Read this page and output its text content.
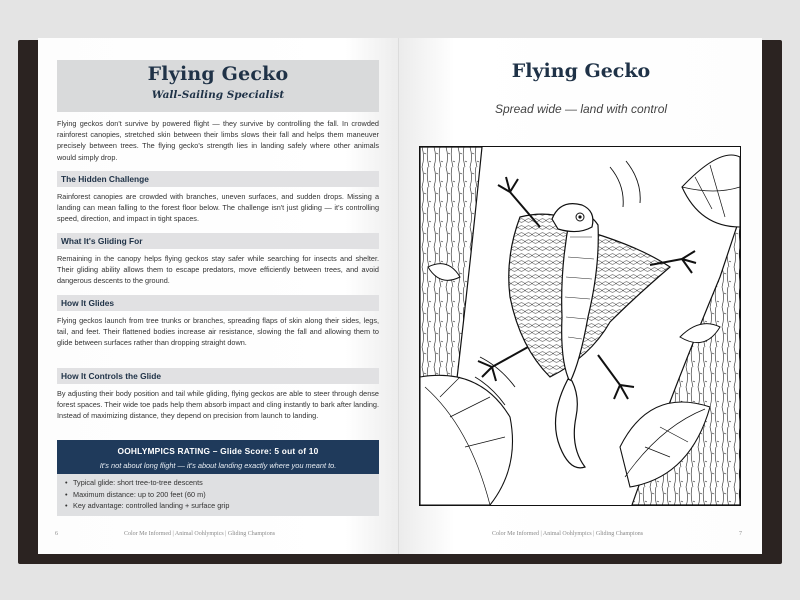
Flying Gecko
Wall-Sailing Specialist

Flying geckos don't survive by powered flight — they survive by controlling the fall. In crowded rainforest canopies, stretched skin between their limbs slows their fall and helps them maneuver precisely between trees. The flying gecko's strength lies in landing safely where other animals would simply drop.

The Hidden Challenge

Rainforest canopies are crowded with branches, uneven surfaces, and sudden drops. Missing a landing can mean falling to the forest floor below. The challenge isn't just gliding — it's controlling speed, direction, and impact in tight spaces.

What It's Gliding For

Remaining in the canopy helps flying geckos stay safer while searching for insects and shelter. Their gliding ability allows them to escape predators, move efficiently between trees, and avoid dangerous descents to the ground.

How It Glides

Flying geckos launch from tree trunks or branches, spreading flaps of skin along their sides, legs, tail, and feet. Their flattened bodies increase air resistance, slowing the fall and allowing them to glide between surfaces rather than dropping straight down.

How It Controls the Glide

By adjusting their body position and tail while gliding, flying geckos are able to steer through dense forest spaces. Their wide toe pads help them absorb impact and cling instantly to bark after landing. Instead of maximizing distance, they depend on precision from launch to landing.

OOHLYMPICS RATING – Glide Score: 5 out of 10
It's not about long flight — it's about landing exactly where you meant to.
• Typical glide: short tree-to-tree descents
• Maximum distance: up to 200 feet (60 m)
• Key advantage: controlled landing + surface grip
6	Color Me Informed | Animal Oohlympics | Gliding Champions
Flying Gecko
Spread wide — land with control
Color Me Informed | Animal Oohlympics | Gliding Champions	7
